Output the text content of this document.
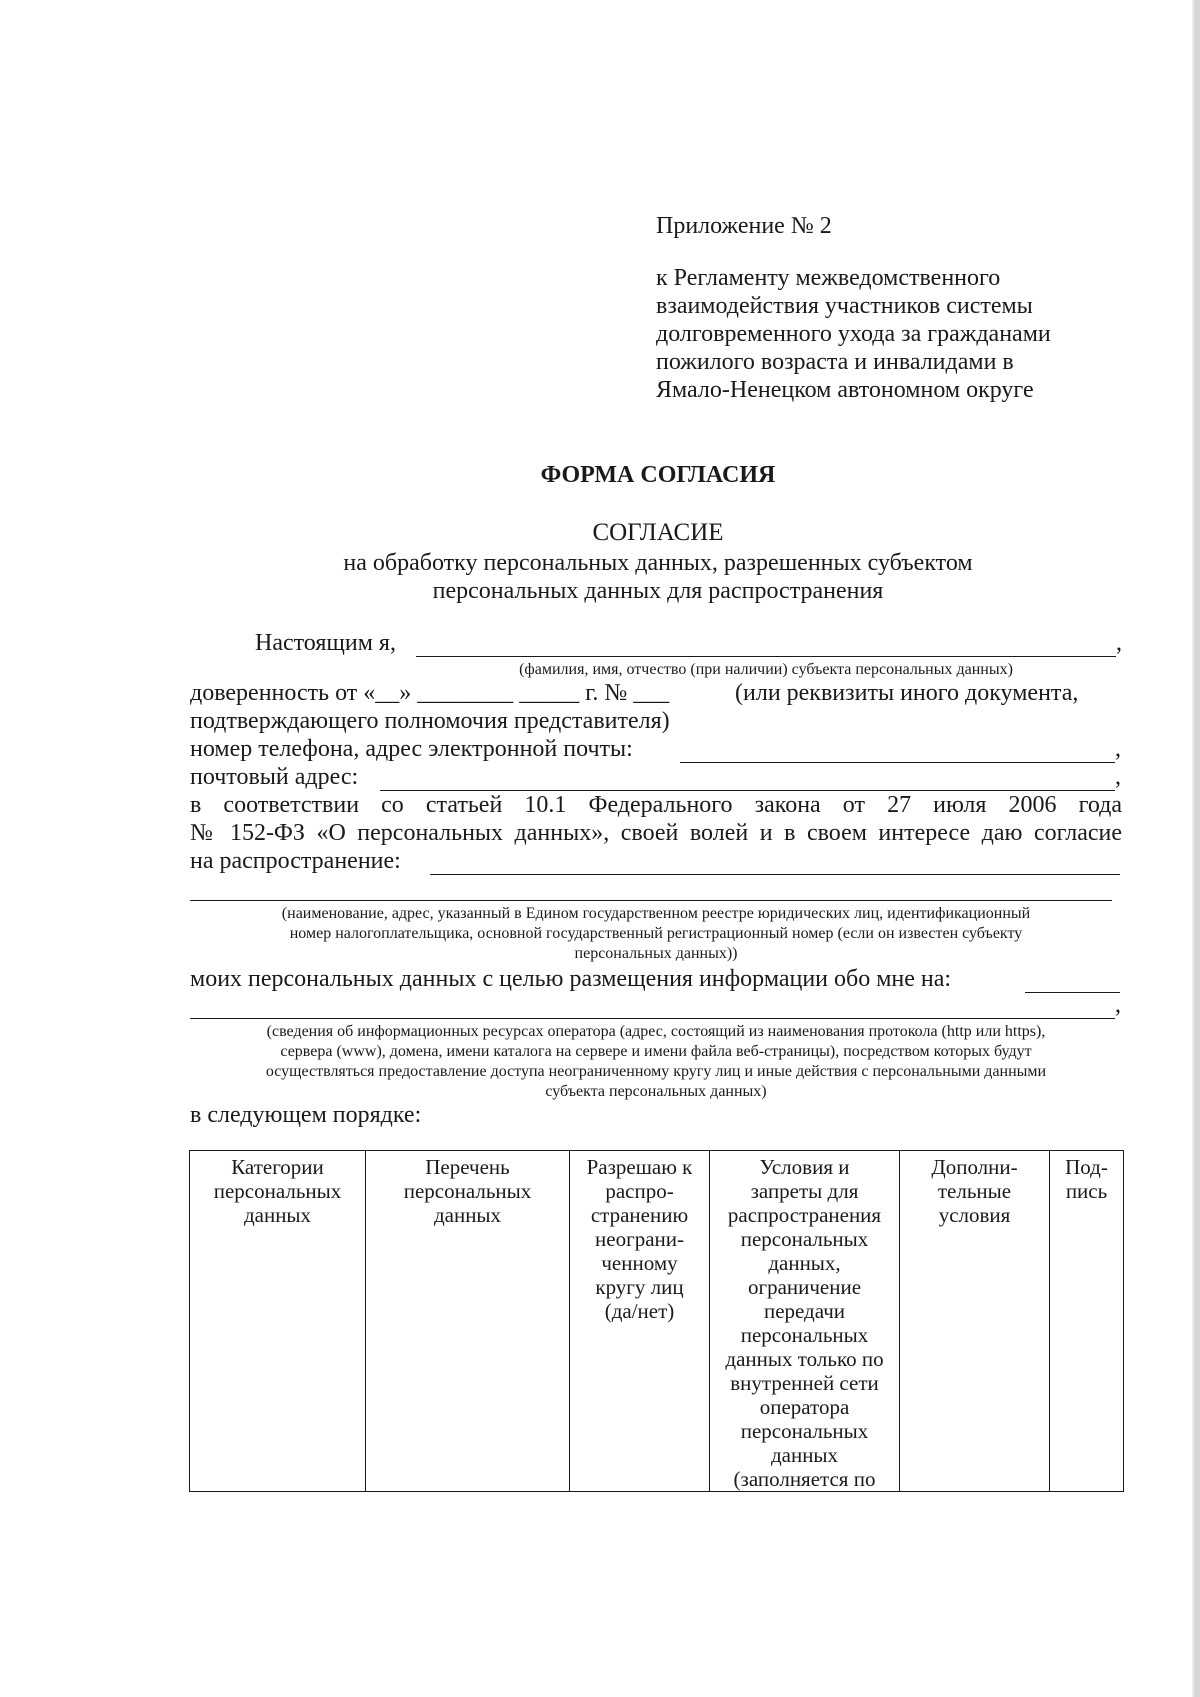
Приложение № 2
к Регламенту межведомственного
взаимодействия участников системы
долговременного ухода за гражданами
пожилого возраста и инвалидами в
Ямало-Ненецком автономном округе
ФОРМА СОГЛАСИЯ
СОГЛАСИЕ
на обработку персональных данных, разрешенных субъектом
персональных данных для распространения
Настоящим я,	,
(фамилия, имя, отчество (при наличии) субъекта персональных данных)
доверенность от «__» ________ _____ г. № ___	(или реквизиты иного документа,
подтверждающего полномочия представителя)
номер телефона, адрес электронной почты:	,
почтовый адрес:	,
в соответствии со статьей 10.1 Федерального закона от 27 июля 2006 года
№ 152-ФЗ «О персональных данных», своей волей и в своем интересе даю согласие
на распространение:
(наименование, адрес, указанный в Едином государственном реестре юридических лиц, идентификационный
номер налогоплательщика, основной государственный регистрационный номер (если он известен субъекту
персональных данных))
моих персональных данных с целью размещения информации обо мне на:
,
(сведения об информационных ресурсах оператора (адрес, состоящий из наименования протокола (http или https),
сервера (www), домена, имени каталога на сервере и имени файла веб-страницы), посредством которых будут
осуществляться предоставление доступа неограниченному кругу лиц и иные действия с персональными данными
субъекта персональных данных)
в следующем порядке:
Категории
персональных
данных	Перечень
персональных
данных	Разрешаю к
распро-
странению
неограни-
ченному
кругу лиц
(да/нет)	Условия и
запреты для
распространения
персональных
данных,
ограничение
передачи
персональных
данных только по
внутренней сети
оператора
персональных
данных
(заполняется по	Дополни-
тельные
условия	Под-
пись
